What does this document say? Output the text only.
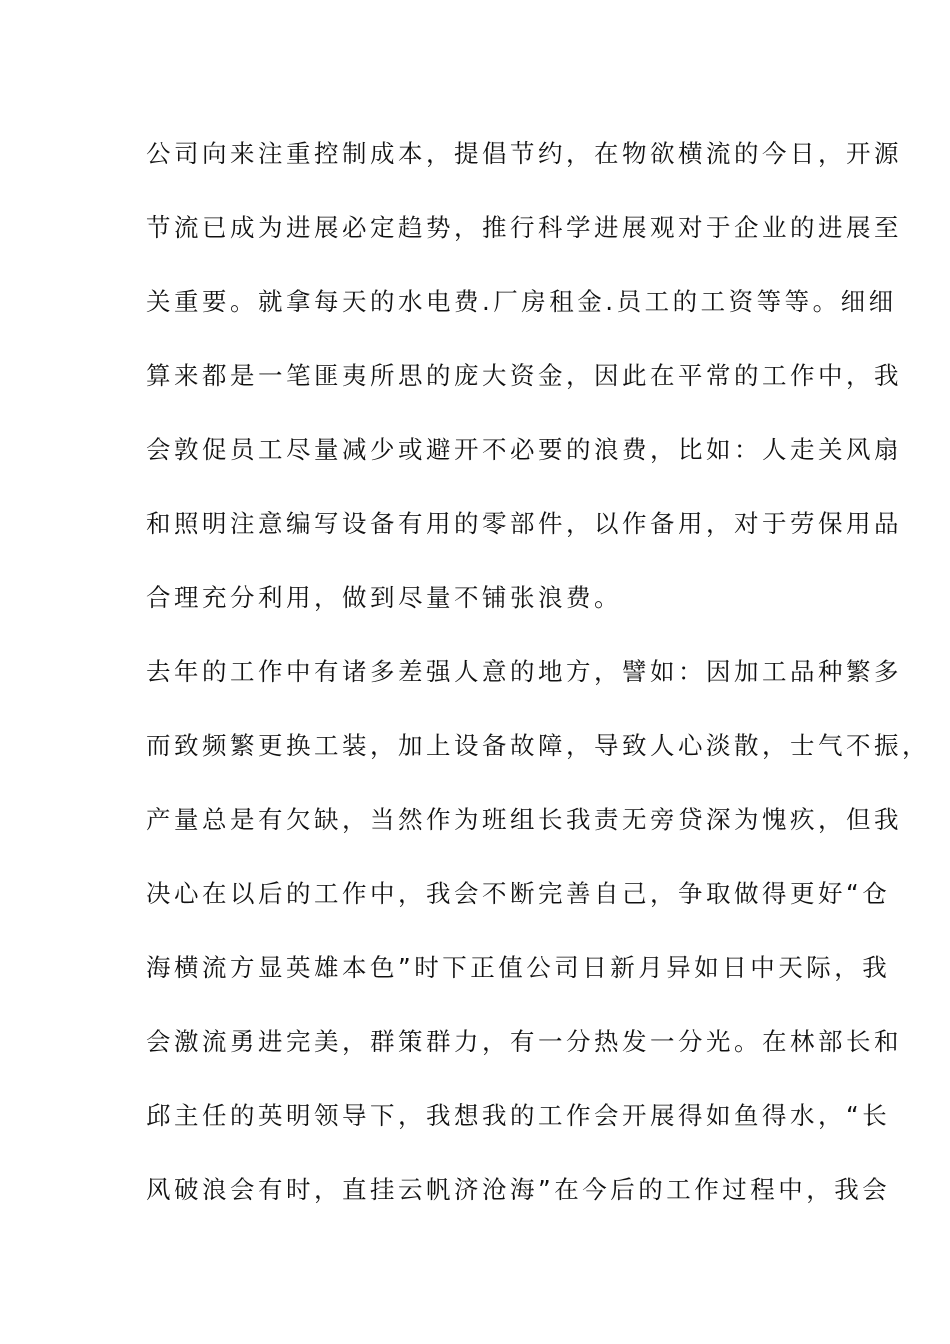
公司向来注重控制成本，提倡节约，在物欲横流的今日，开源
节流已成为进展必定趋势，推行科学进展观对于企业的进展至
关重要。就拿每天的水电费.厂房租金.员工的工资等等。细细
算来都是一笔匪夷所思的庞大资金，因此在平常的工作中，我
会敦促员工尽量减少或避开不必要的浪费，比如：人走关风扇
和照明注意编写设备有用的零部件，以作备用，对于劳保用品
合理充分利用，做到尽量不铺张浪费。
去年的工作中有诸多差强人意的地方，譬如：因加工品种繁多
而致频繁更换工装，加上设备故障，导致人心淡散，士气不振，
产量总是有欠缺，当然作为班组长我责无旁贷深为愧疚，但我
决心在以后的工作中，我会不断完善自己，争取做得更好“仓
海横流方显英雄本色”时下正值公司日新月异如日中天际，我
会激流勇进完美，群策群力，有一分热发一分光。在林部长和
邱主任的英明领导下，我想我的工作会开展得如鱼得水，“长
风破浪会有时，直挂云帆济沧海”在今后的工作过程中，我会
